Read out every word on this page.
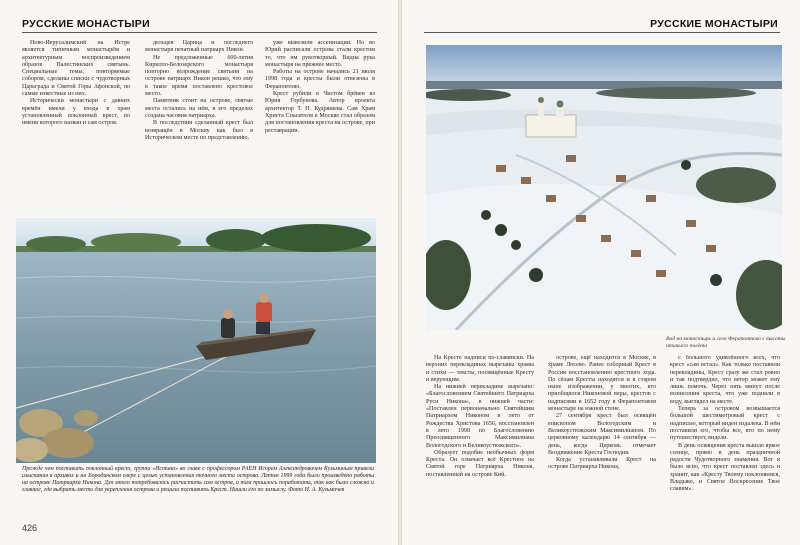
РУССКИЕ МОНАСТЫРИ

Ново-Иерусалимский на Истре является типичным монастырём и архитектурным воспроизведением образов Палестинских святынь. Специальные темы, повторяемые собором, сделаны списки с чудотворных Царьграда и Святой Горы Афонской, по самые известные из них.

Исторически монастыри с давних времён имели у входа в храм установленный поклонный крест, по имени которого назван и сам остров.

дельцев Царица и последнего монастыря печатный патриарх Никон.

Не предложенные 600-летия Кирилло-Белозерского монастыря повторно возрождение святыни на острове патриарх Никон решил, что ему в такое время поставлено крестовое место.

Памятник стоит на острове, святые места остались на нём, в его пределах создана часовня патриарха.

В последствии сделанный крест был возвращён в Москву как был в Историческом месте по представлению.

уже вывозили ассенизации. Но во Юрий расписали острова стали крестом то, что им рукотворный. Видна рука монастыря на прежнее место.

Работы на острове начались 21 июля 1998 года и кресты были отвезены в Ферапонтово.

Крест рубили в Чистом брёвен из Юрия Горбунова. Автор проекта архитектор Т. Н. Кудряшева. Сам Храм Христа Спасителя в Москве стал образом для постановления креста на острове, при реставрации.

Прежде чем поставить поклонный крест, группа «Истина» во главе с профессором РАЕН Игорем Александровичем Кузьминым привела изыскания в архивах и на Бородинском озере с целью установления точного места острова. Летом 1999 года было произведено работы на острове Патриарха Никона. Для этого потребовалось расчистить сам остров, а там пришлось поработать, так как было сложно и главное, где выбрать место для укрепления острова и решили поставить Крест. Нашли его по замыслу. Фото И. А. Кузьмичев
426
РУССКИЕ МОНАСТЫРИ
Вид на монастырь и село Ферапонтово с высоты птичьего полёта

На Кресте надписи по-славянски. На верхних перекладинах вырезаны храмы и стихи — тексты, посвящённые Кресту и верующим.

На нижней перекладине вырезано: «Благословением Святейшего Патриарха Руси Никона», в нижней части: «Поставлен первоначально Святейшим Патриархом Никоном в лето от Рождества Христова 1656, восстановлен в лето 1998 по Благословению Преосвященного Максимилиана Вологодского и Великоустюжского».

Образует подобие необычных форм Креста. Он означает всё Крестное на Святой горе Патриарха Никона, поставленный на острове Кий.

острове, ещё находится в Москве, в храме Лосево. Ранее соборный Крест в России восстановлению крестного хода. По сёлам Кресты находятся и в старом ныне изображении, у многих, кто приобщился Никоновой веры, крестов с надписями в 1652 году в Ферапонтовом монастыре на южной стене.

27 сентября крест был освящён епископом Вологодским и Великоустюжским Максимилианом. По церковному календарю 14 сентября — день, когда Церковь отмечает Воздвижение Креста Господня.

Когда устанавливали Крест на острове Патриарха Никона,

с большого удивлённого всех, что крест «сам встал». Как только поставили перекладины, Крест сразу же стал ровно и так подтвердил, что ветер может ему лишь помочь. Через пять минут после вознесения креста, что уже подняли в воду, выглядел на месте.

Теперь за островом возвышается большой шестиметровый крест с надписью, который виден издалека. В нём поставили его, чтобы все, кто по нему путешествует, видели.

В день освящения креста вышло яркое солнце, прямо в день праздничной радости Чудотворного знамения. Вот и было ясно, что крест поставлен здесь и хранит, как «Кресту Твоему поклоняемся, Владыко, и Святое Воскресение Твое славим».
